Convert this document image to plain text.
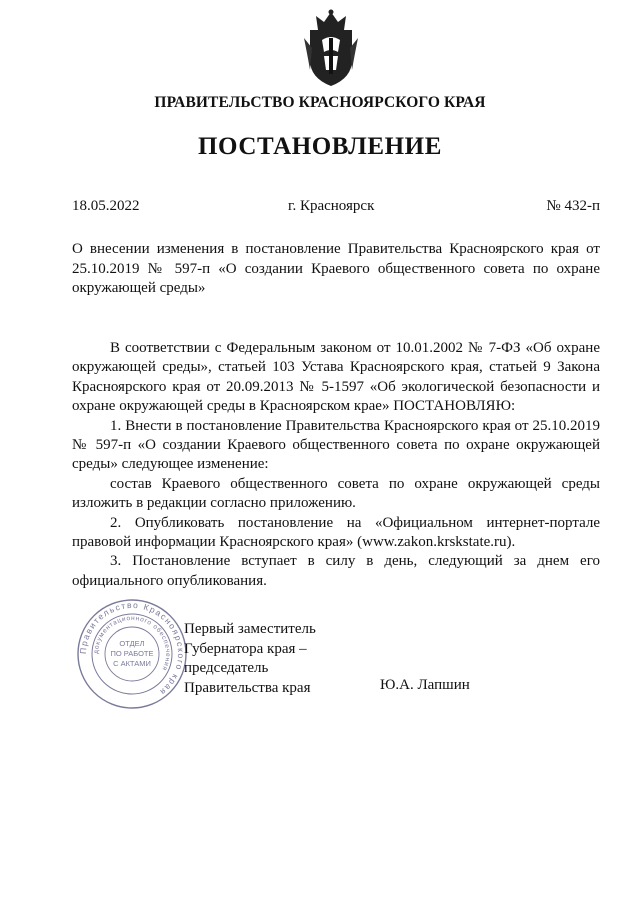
ПРАВИТЕЛЬСТВО КРАСНОЯРСКОГО КРАЯ
ПОСТАНОВЛЕНИЕ
18.05.2022	г. Красноярск	№ 432-п
О внесении изменения в постановление Правительства Красноярского края от 25.10.2019 № 597-п «О создании Краевого общественного совета по охране окружающей среды»

В соответствии с Федеральным законом от 10.01.2002 № 7-ФЗ «Об охране окружающей среды», статьей 103 Устава Красноярского края, статьей 9 Закона Красноярского края от 20.09.2013 № 5-1597 «Об экологической безопасности и охране окружающей среды в Красноярском крае» ПОСТАНОВЛЯЮ:

1. Внести в постановление Правительства Красноярского края от 25.10.2019 № 597-п «О создании Краевого общественного совета по охране окружающей среды» следующее изменение:

состав Краевого общественного совета по охране окружающей среды изложить в редакции согласно приложению.

2. Опубликовать постановление на «Официальном интернет-портале правовой информации Красноярского края» (www.zakon.krskstate.ru).

3. Постановление вступает в силу в день, следующий за днем его официального опубликования.

Правительство Красноярского края
документационного обеспечения
ОТДЕЛ
ПО РАБОТЕ
С АКТАМИ
Первый заместитель
Губернатора края –
председатель
Правительства края	Ю.А. Лапшин
